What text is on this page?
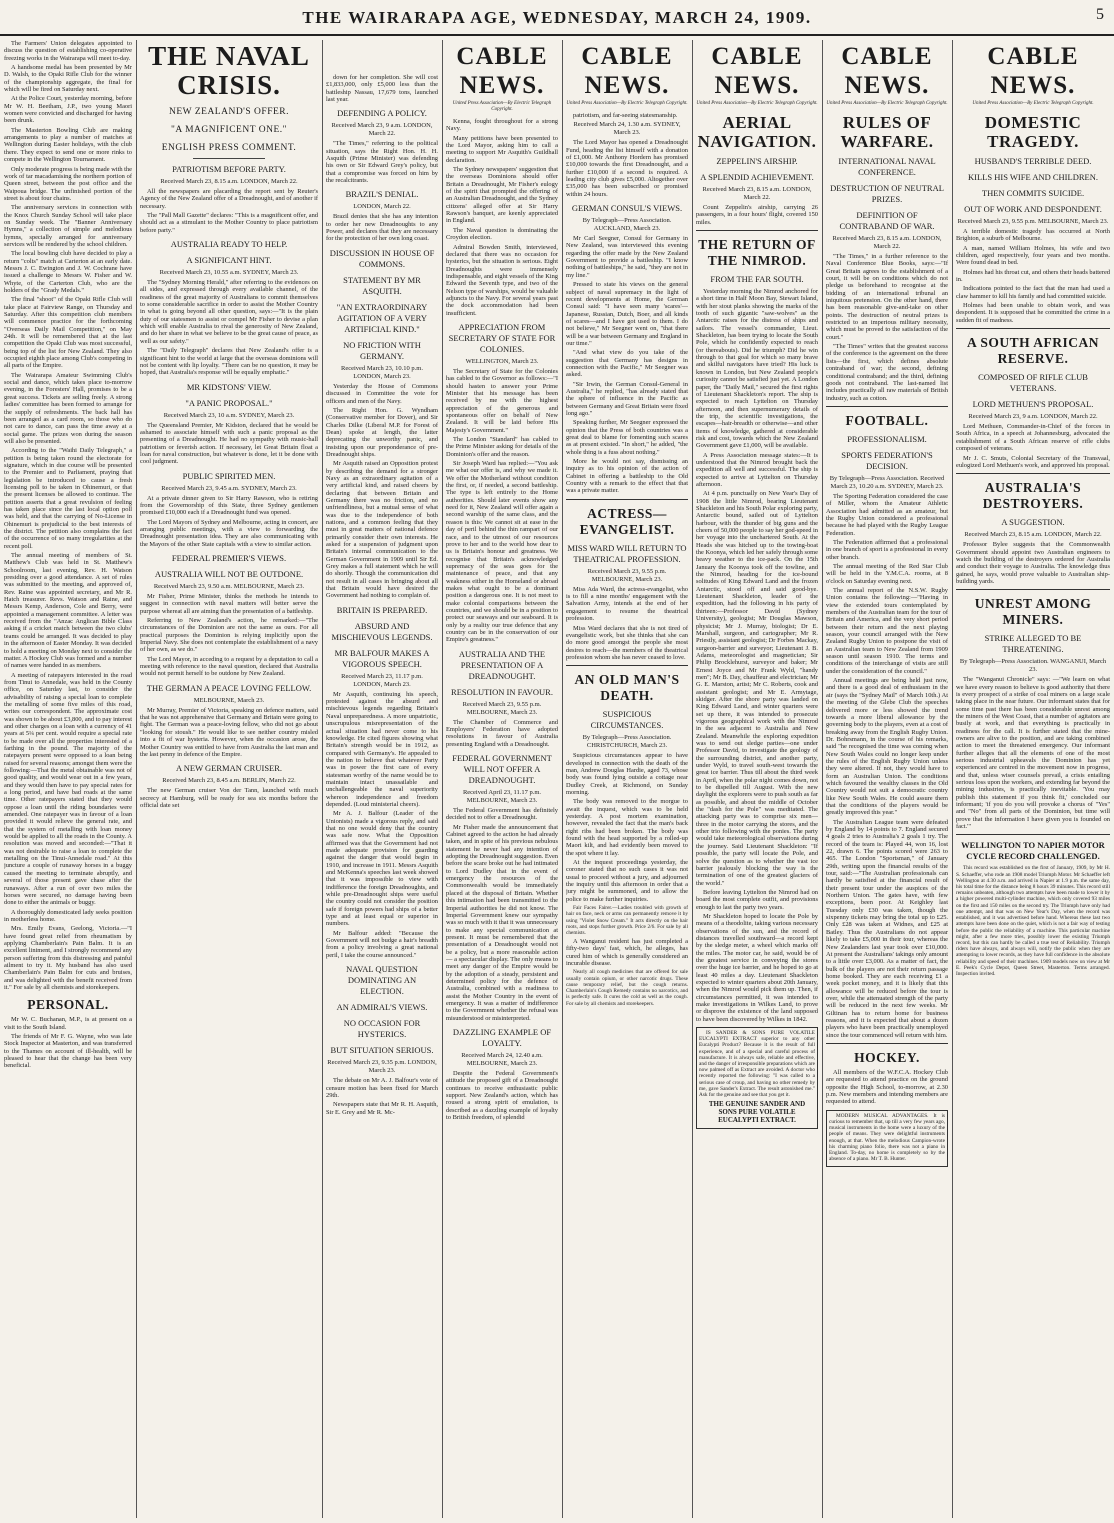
THE WAIRARAPA AGE, WEDNESDAY, MARCH 24, 1909.	5

The Farmers' Union delegates appointed to discuss the question of establishing co-operative freezing works in the Wairarapa will meet to-day.

A handsome medal has been presented by Mr D. Walsh, to the Opaki Rifle Club for the winner of the championship aggregate, the final for which will be fired on Saturday next.

At the Police Court, yesterday morning, before Mr W. H. Beetham, J.P., two young Maori women were convicted and discharged for having been drunk.

The Masterton Bowling Club are making arrangements to play a number of matches at Wellington during Easter holidays, with the club there. They expect to send one or more rinks to compete in the Wellington Tournament.

Only moderate progress is being made with the work of tar macadamising the northern portion of Queen street, between the post office and the Waipoua bridge. The unfinished portion of the street is about four chains.

The anniversary services in connection with the Knox Church Sunday School will take place on Sunday week. The "Banner Anniversary Hymns," a collection of simple and melodious hymns, specially arranged for anniversary services will be rendered by the school children.

The local bowling club have decided to play a return "colts" match at Carterton at an early date. Messrs J. C. Ewington and J. W. Cochrane have issued a challenge to Messrs W. Fisher and W. Whyte, of the Carterton Club, who are the holders of the "Grady Medals."

The final "shoot" of the Opaki Rifle Club will take place at Fairview Range, on Thursday and Saturday. After this competition club members will commence practice for the forthcoming "Overseas Daily Mail Competition," on May 24th. It will be remembered that at the last competition the Opaki Club was most successful, being top of the list for New Zealand. They also occupied eighth place among Club's competing in all parts of the Empire.

The Wairarapa Amateur Swimming Club's social and dance, which takes place to-morrow evening, in the Foresters' Hall, promises to be a great success. Tickets are selling freely. A strong ladies' committee has been formed to arrange for the supply of refreshments. The back hall has been arranged as a card room, so those who do not care to dance, can pass the time away at a social game. The prizes won during the season will also be presented.

According to the "Waihi Daily Telegraph," a petition is being taken round the electorate for signature, which in due course will be presented to the Premier and to Parliament, praying that legislation be introduced to cause a fresh licensing poll to be taken in Ohinemuri, or that the present licenses be allowed to continue. The petition asserts that a great revulsion of feeling has taken place since the last local option poll was held, and that the carrying of No-License in Ohinemuri is prejudicial to the best interests of the district. The petition also complains the fact of the occurrence of so many irregularities at the recent poll.

The annual meeting of members of St. Matthew's Club was held in St. Matthew's Schoolroom, last evening, Rev. H. Watson presiding over a good attendance. A set of rules was submitted to the meeting, and approved of, Rev. Raine was appointed secretary, and Mr R. Hatch treasurer. Revs. Watson and Raine, and Messrs Kemp, Anderson, Cole and Berry, were appointed a management committee. A letter was received from the "Anzac Anglican Bible Class asking if a cricket match between the two clubs' teams could be arranged. It was decided to play in the afternoon of Easter Monday. It was decided to hold a meeting on Monday next to consider the matter. A Hockey Club was formed and a number of names were handed in as members.

A meeting of ratepayers interested in the road from Tinui to Annedale, was held in the County office, on Saturday last, to consider the advisability of raising a special loan to complete the metalling of some five miles of this road, writes our correspondent. The approximate cost was shown to be about £3,800, and to pay interest and other charges on a loan with a currency of 41 years at 5¼ per cent. would require a special rate to be made over all the properties interested of a farthing in the pound. The majority of the ratepayers present were opposed to a loan being raised for several reasons; amongst them were the following:—That the metal obtainable was not of good quality, and would wear out in a few years, and they would then have to pay special rates for a long period, and have bad roads at the same time. Other ratepayers stated that they would oppose a loan until the riding boundaries were amended. One ratepayer was in favour of a loan provided it would relieve the general rate, and that the system of metalling with loan money would be applied to all the roads in the County. A resolution was moved and seconded:—"That it was not desirable to raise a loan to complete the metalling on the Tinui-Annedale road." At this juncture a couple of runaway horses in a buggy caused the meeting to terminate abruptly, and several of those present gave chase after the runaways. After a run of over two miles the horses were secured, no damage having been done to either the animals or buggy.

A thoroughly domesticated lady seeks position in motherless home.

Mrs. Emily Evans, Geelong, Victoria.—"I have found great relief from rheumatism by applying Chamberlain's Pain Balm. It is an excellent liniment, and I strongly recommend any person suffering from this distressing and painful ailment to try it. My husband has also used Chamberlain's Pain Balm for cuts and bruises, and was delighted with the benefit received from it." For sale by all chemists and storekeepers.

PERSONAL.

Mr W. C. Buchanan, M.P., is at present on a visit to the South Island.

The friends of Mr F. G. Wayne, who was late Stock Inspector at Masterton, and was transferred to the Thames on account of ill-health, will be pleased to hear that the change has been very beneficial.

THE NAVAL CRISIS.
NEW ZEALAND'S OFFER.
"A MAGNIFICENT ONE."
ENGLISH PRESS COMMENT.
PATRIOTISM BEFORE PARTY.
Received March 23, 8.15 a.m. LONDON, March 22.

All the newspapers are placarding the report sent by Reuter's Agency of the New Zealand offer of a Dreadnought, and of another if necessary.

The "Pall Mall Gazette" declares: "This is a magnificent offer, and should act as a stimulant to the Mother Country to place patriotism before party."

AUSTRALIA READY TO HELP.
A SIGNIFICANT HINT.
Received March 23, 10.55 a.m. SYDNEY, March 23.

The "Sydney Morning Herald," after referring to the evidences on all sides, and expressed through every available channel, of the readiness of the great majority of Australians to commit themselves to some considerable sacrifice in order to assist the Mother Country in what is going beyond all other question, says:—"It is the plain duty of our statesmen to assist or compel Mr Fisher to devise a plan which will enable Australia to rival the generosity of New Zealand, and do her share in what we believe to be the great cause of peace, as well as our safety."

The "Daily Telegraph" declares that New Zealand's offer is a significant hint to the world at large that the overseas dominions will not be content with lip loyalty. "There can be no question, it may be hoped, that Australia's response will be equally emphatic."

MR KIDSTONS' VIEW.
"A PANIC PROPOSAL."
Received March 23, 10 a.m. SYDNEY, March 23.

The Queensland Premier, Mr Kidston, declared that he would be ashamed to associate himself with such a panic proposal as the presenting of a Dreadnought. He had no sympathy with music-hall patriotism or feverish action. If necessary, let Great Britain float a loan for naval construction, but whatever is done, let it be done with cool judgment.

PUBLIC SPIRITED MEN.
Received March 23, 9.45 a.m. SYDNEY, March 23.

At a private dinner given to Sir Harry Rawson, who is retiring from the Governorship of this State, three Sydney gentlemen promised £10,000 each if a Dreadnought fund was opened.

The Lord Mayors of Sydney and Melbourne, acting in concert, are arranging public meetings, with a view to forwarding the Dreadnought presentation idea. They are also communicating with the Mayors of the other State capitals with a view to similar action.

FEDERAL PREMIER'S VIEWS.
AUSTRALIA WILL NOT BE OUTDONE.
Received March 23, 9.50 a.m. MELBOURNE, March 23.

Mr Fisher, Prime Minister, thinks the methods he intends to suggest in connection with naval matters will better serve the purpose whereat all are aiming than the presentation of a battleship.

Referring to New Zealand's action, he remarked:—"The circumstances of the Dominion are not the same as ours. For all practical purposes the Dominion is relying implicitly upon the Imperial Navy. She does not contemplate the establishment of a navy of her own, as we do."

The Lord Mayor, in acceding to a request by a deputation to call a meeting with reference to the naval question, declared that Australia would not permit herself to be outdone by New Zealand.

THE GERMAN A PEACE LOVING FELLOW.
MELBOURNE, March 23.

Mr Murray, Premier of Victoria, speaking on defence matters, said that he was not apprehensive that Germany and Britain were going to fight. The German was a peace-loving fellow, who did not go about "looking for stoush." He would like to see neither country misled into a fit of war hysteria. However, when the occasion arose, the Mother Country was entitled to have from Australia the last man and the last penny in defence of the Empire.

A NEW GERMAN CRUISER.
Received March 23, 8.45 a.m. BERLIN, March 22.

The new German cruiser Von der Tann, launched with much secrecy at Hamburg, will be ready for sea six months before the official date set

down for her completion. She will cost £1,833,000, only £5,000 less than the battleship Nassau, 17,679 tons, launched last year.

DEFENDING A POLICY.
Received March 23, 9 a.m. LONDON, March 22.

"The Times," referring to the political situation, says the Right Hon. H. H. Asquith (Prime Minister) was defending his own or Sir Edward Grey's policy, but that a compromise was forced on him by the recalcitrants.

BRAZIL'S DENIAL.
LONDON, March 22.

Brazil denies that she has any intention to order her new Dreadnoughts to any Power, and declares that they are necessary for the protection of her own long coast.

DISCUSSION IN HOUSE OF COMMONS.
STATEMENT BY MR ASQUITH.
"AN EXTRAORDINARY AGITATION OF A VERY ARTIFICIAL KIND."
NO FRICTION WITH GERMANY.
Received March 23, 10.10 p.m. LONDON, March 23.

Yesterday the House of Commons discussed in Committee the vote for officers and men of the Navy.

The Right Hon. G. Wyndham (Conservative member for Dover), and Sir Charles Dilke (Liberal M.P. for Forest of Dean) spoke at length, the latter deprecating the unworthy panic, and insisting upon our preponderance of pre-Dreadnought ships.

Mr Asquith raised an Opposition protest by describing the demand for a stronger Navy as an extraordinary agitation of a very artificial kind, and raised cheers by declaring that between Britain and Germany there was no friction, and no unfriendliness, but a mutual sense of what was due to the independence of both nations, and a common feeling that they must in great matters of national defence primarily consider their own interests. He asked for a suspension of judgment upon Britain's internal communication to the German Government in 1909 until Sir Ed. Grey makes a full statement which he will do shortly. Though the communication did not result in all cases in bringing about all that Britain would have desired the Government had nothing to complain of.

BRITAIN IS PREPARED.
ABSURD AND MISCHIEVOUS LEGENDS.
MR BALFOUR MAKES A VIGOROUS SPEECH.
Received March 23, 11.17 p.m. LONDON, March 23.

Mr Asquith, continuing his speech, protested against the absurd and mischievous legends regarding Britain's Naval unpreparedness. A more unpatriotic, unscrupulous misrepresentation of the actual situation had never come to his knowledge. He cited figures showing what Britain's strength would be in 1912, as compared with Germany's. He appealed to the nation to believe that whatever Party was in power the first care of every statesman worthy of the name would be to maintain intact unassailable and unchallengeable the naval superiority whereon independence and freedom depended. (Loud ministerial cheers).

Mr A. J. Balfour (Leader of the Unionists) made a vigorous reply, and said that no one would deny that the country was safe now. What the Opposition affirmed was that the Government had not made adequate provision for guarding against the danger that would begin in 1910, and increase in 1911. Messrs Asquith and McKenna's speeches last week showed that it was impossible to view with indifference the foreign Dreadnoughts, and while pre-Dreadnought ships were useful the country could not consider the position safe if foreign powers had ships of a better type and at least equal or superior in numbers.

Mr Balfour added: "Because the Government will not budge a hair's breadth from a policy involving a great national peril, I take the course announced."

NAVAL QUESTION DOMINATING AN ELECTION.
AN ADMIRAL'S VIEWS.
NO OCCASION FOR HYSTERICS.
BUT SITUATION SERIOUS.
Received March 23, 9.35 p.m. LONDON, March 23.

The debate on Mr A. J. Balfour's vote of censure motion has been fixed for March 29th.

Newspapers state that Mr R. H. Asquith, Sir E. Grey and Mr R. Mc-

CABLE NEWS.
United Press Association—By Electric Telegraph Copyright.

Kenna, fought throughout for a strong Navy.

Many petitions have been presented to the Lord Mayor, asking him to call a meeting to support Mr Asquith's Guildhall declaration.

The Sydney newspapers' suggestion that the overseas Dominions should offer Britain a Dreadnought, Mr Fisher's eulogy of the spirit that prompted the offering of an Australian Dreadnought, and the Sydney citizens' alleged offer at Sir Harry Rawson's banquet, are keenly appreciated in England.

The Naval question is dominating the Croydon election.

Admiral Bowden Smith, interviewed, declared that there was no occasion for hysterics, but the situation is serious. Eight Dreadnoughts were immensely indispensable, and eight vessels of the King Edward the Seventh type, and two of the Nelson type of warships, would be valuable adjuncts to the Navy. For several years past the dock accommodation had been insufficient.

APPRECIATION FROM SECRETARY OF STATE FOR COLONIES.
WELLINGTON, March 23.

The Secretary of State for the Colonies has cabled to the Governor as follows:—"I should hasten to answer your Prime Minister that his message has been received by me with the highest appreciation of the generous and spontaneous offer on behalf of New Zealand. It will be laid before His Majesty's Government."

The London "Standard" has cabled to the Prime Minister asking for details of the Dominion's offer and the reason.

Sir Joseph Ward has replied:—"You ask me what our offer is, and why we made it. We offer the Motherland without condition the first, or, if needed, a second battleship. The type is left entirely to the Home authorities. Should later events show any need for it, New Zealand will offer again a second warship of the same class, and the reason is this: We cannot sit at ease in the day of peril behind the thin rampart of our race, and to the utmost of our resources prove to her and to the world how dear to us is Britain's honour and greatness. We recognise that Britain's acknowledged supremacy of the seas goes for the maintenance of peace, and that any weakness either in the Homeland or abroad makes what ought to be a dominant position a dangerous one. It is not meet to make colonial comparisons between the countries, and we should be in a position to protect our seaways and our seaboard. It is only by a reality our true defence that any country can be in the conservation of our Empire's greatness."

AUSTRALIA AND THE PRESENTATION OF A DREADNOUGHT.
RESOLUTION IN FAVOUR.
Received March 23, 9.55 p.m. MELBOURNE, March 23.

The Chamber of Commerce and Employers' Federation have adopted resolutions in favour of Australia presenting England with a Dreadnought.

FEDERAL GOVERNMENT WILL NOT OFFER A DREADNOUGHT.
Received April 23, 11.17 p.m. MELBOURNE, March 23.

The Federal Government has definitely decided not to offer a Dreadnought.

Mr Fisher made the announcement that Cabinet agreed to the action he had already taken, and in spite of his previous nebulous statement he never had any intention of adopting the Dreadnought suggestion. Even before the scare broke out he had intimated to Lord Dudley that in the event of emergency the resources of the Commonwealth would be immediately placed at the disposal of Britain. Whether this intimation had been transmitted to the Imperial authorities he did not know. The Imperial Government knew our sympathy was so much with it that it was unnecessary to make any special communication at present. It must be remembered that the presentation of a Dreadnought would not be a policy, but a more reasonable action — a spectacular display. The only means to meet any danger of the Empire would be by the adoption of a steady, persistent and determined policy for the defence of Australia, combined with a readiness to assist the Mother Country in the event of emergency. It was a matter of indifference to the Government whether the refusal was misunderstood or misinterpreted.

DAZZLING EXAMPLE OF LOYALTY.
Received March 24, 12.40 a.m. MELBOURNE, March 23.

Despite the Federal Government's attitude the proposed gift of a Dreadnought continues to receive enthusiastic public support. New Zealand's action, which has roused a strong spirit of emulation, is described as a dazzling example of loyalty to British freedom, of splendid

CABLE NEWS.
United Press Association—By Electric Telegraph Copyright.

patriotism, and far-seeing statesmanship.

Received March 24, 1.30 a.m. SYDNEY, March 23.

The Lord Mayor has opened a Dreadnought Fund, heading the list himself with a donation of £1,000. Mr Anthony Hordern has promised £10,000 towards the first Dreadnought, and a further £10,000 if a second is required. A leading city club gives £5,000. Altogether over £35,000 has been subscribed or promised within 24 hours.

GERMAN CONSUL'S VIEWS.
By Telegraph—Press Association. AUCKLAND, March 23.

Mr Carl Seegner, Consul for Germany in New Zealand, was interviewed this evening regarding the offer made by the New Zealand Government to provide a battleship. "I know nothing of battleships," he said, "they are not in my line."

Pressed to state his views on the general subject of naval supremacy in the light of recent developments at Home, the German Consul said: "I have seen many 'scares'—Japanese, Russian, Dutch, Boer, and all kinds of scares—and I have got used to them. I do not believe," Mr Seegner went on, "that there will be a war between Germany and England in our time."

"And what view do you take of the suggestion that Germany has designs in connection with the Pacific," Mr Seegner was asked.

"Sir Irwin, the German Consul-General in Australia," he replied, "has already stated that the sphere of influence in the Pacific as between Germany and Great Britain were fixed long ago."

Speaking further, Mr Seegner expressed the opinion that the Press of both countries was a great deal to blame for fomenting such scares as at present existed. "In short," he added, "the whole thing is a fuss about nothing."

More he would not say, dismissing an inquiry as to his opinion of the action of Cabinet in offering a battleship to the Old Country with a remark to the effect that that was a private matter.

ACTRESS—EVANGELIST.
MISS WARD WILL RETURN TO THEATRICAL PROFESSION.
Received March 23, 9.55 p.m. MELBOURNE, March 23.

Miss Ada Ward, the actress-evangelist, who is to fill a nine months' engagement with the Salvation Army, intends at the end of her engagement to resume the theatrical profession.

Miss Ward declares that she is not tired of evangelistic work, but she thinks that she can do more good amongst the people she most desires to reach—the members of the theatrical profession whom she has never ceased to love.

AN OLD MAN'S DEATH.
SUSPICIOUS CIRCUMSTANCES.
By Telegraph—Press Association. CHRISTCHURCH, March 23.

Suspicious circumstances appear to have developed in connection with the death of the man, Andrew Douglas Hardie, aged 73, whose body was found lying outside a cottage near Dudley Creek, at Richmond, on Sunday morning.

The body was removed to the morgue to await the inquest, which was to be held yesterday. A post mortem examination, however, revealed the fact that the man's back right ribs had been broken. The body was found with the head supported by a rolled-up Maori kilt, and had evidently been moved to the spot where it lay.

At the inquest proceedings yesterday, the coroner stated that no such cases it was not usual to proceed without a jury, and adjourned the inquiry until this afternoon in order that a jury might be summoned, and to allow the police to make further inquiries.

Fair Faces Fairer.—Ladies troubled with growth of hair on face, neck or arms can permanently remove it by using "Violet Snow Cream." It acts directly on the hair roots, and stops further growth. Price 2/6. For sale by all chemists.

A Wanganui resident has just completed a fifty-two days' fast, which, he alleges, has cured him of which is generally considered an incurable disease.

Nearly all cough medicines that are offered for sale usually contain opium, or other narcotic drugs. These cause temporary relief, but the cough returns. Chamberlain's Cough Remedy contains no narcotics, and is perfectly safe. It cures the cold as well as the cough. For sale by all chemists and storekeepers.

CABLE NEWS.
United Press Association—By Electric Telegraph Copyright.
AERIAL NAVIGATION.
ZEPPELIN'S AIRSHIP.
A SPLENDID ACHIEVEMENT.
Received March 23, 8.15 a.m. LONDON, March 22.

Count Zeppelin's airship, carrying 26 passengers, in a four hours' flight, covered 150 miles.

THE RETURN OF THE NIMROD.
FROM THE FAR SOUTH.

Yesterday morning the Nimrod anchored for a short time in Half Moon Bay, Stewart Island, with her stout planks showing the marks of the tooth of such gigantic "saw-wolves" as the Antarctic raises for the distress of ships and sailors. The vessel's commander, Lieut. Shackleton, has been trying to locate the South Pole, which he confidently expected to reach (or thereabouts). Did he triumph? Did he win through to that goal for which so many brave and skilful navigators have tried? His luck is known in London, but New Zealand people's curiosity cannot be satisfied just yet. A London paper, the "Daily Mail," secured the first rights of Lieutenant Shackleton's report. The ship is expected to reach Lyttelton on Thursday afternoon, and then supernumerary details of the trip, the scientific investigations, the escapes—hair-breadth or otherwise—and other items of knowledge, gathered at considerable risk and cost, towards which the New Zealand Government gave £1,000, will be available.

A Press Association message states:—It is understood that the Nimrod brought back the expedition all well and successful. The ship is expected to arrive at Lyttelton on Thursday afternoon.

At 4 p.m. punctually on New Year's Day of 1908 the little Nimrod, bearing Lieutenant Shackleton and his South Polar exploring party, Antarctic bound, sailed out of Lyttelton harbour, with the thunder of big guns and the cheers of 50,000 people to say her god-speed in her voyage into the unchartered South. At the Heads she was hitched up to the towing-boat the Koonya, which led her safely through some heavy weather to the ice-pack. On the 15th January the Koonya took off the towline, and the Nimrod, heading for the ice-bound solitudes of King Edward Land and the frozen Antarctic, stood off and said good-bye. Lieutenant Shackleton, leader of the expedition, had the following in his party of thirteen:—Professor David (Sydney University), geologist; Mr Douglas Mawson, physicist; Mr J. Murray, biologist; Dr E. Marshall, surgeon, and cartographer; Mr R. Priestly, assistant geologist; Dr Forbes Mackay, surgeon-barrier and surveyor; Lieutenant J. B. Adams, meteorologist and magnetician; Sir Philip Brocklehurst, surveyor and baker; Mr Ernest Joyce and Mr Frank Wyld, "handy men"; Mr B. Day, chauffeur and electrician; Mr G. E. Marston, artist; Mr C. Roberts, cook and assistant geologist; and Mr E. Armytage, skidger. After the shore party was landed on King Edward Land, and winter quarters were set up there, it was intended to prosecute vigorous geographical work with the Nimrod in the sea adjacent to Australia and New Zealand. Meanwhile the exploring expedition was to send out sledge parties—one under Professor David, to investigate the geology of the surrounding district, and another party, under Wyld, to travel south-west towards the great ice barrier. Thus till about the third week in April, when the polar night comes down, not to be dispelled till August. With the new daylight the explorers were to push south as far as possible, and about the middle of October the "dash for the Pole" was meditated. The attacking party was to comprise six men—three in the motor carrying the stores, and the other trio following with the ponies. The party would take meteorological observations during the journey. Said Lieutenant Shackleton: "If possible, the party will locate the Pole, and solve the question as to whether the vast ice barrier jealously blocking the way is the termination of one of the greatest glaciers of the world."

Before leaving Lyttelton the Nimrod had on board the most complete outfit, and provisions enough to last the party two years.

Mr Shackleton hoped to locate the Pole by means of a theodolite, taking various necessary observations of the sun, and the record of distances travelled southward—a record kept by the sledge meter, a wheel which marks off the miles. The motor car, he said, would be of the greatest service in conveying the stores over the huge ice barrier, and he hoped to go at least 40 miles a day. Lieutenant Shackleton expected to winter quarters about 20th January, when the Nimrod would pick them up. Then, if circumstances permitted, it was intended to make investigations in Wilkes Land, to prove or disprove the existence of the land supposed to have been discovered by Wilkes in 1842.

IS SANDER & SONS PURE VOLATILE EUCALYPTI EXTRACT superior to any other Eucalypti Product? Because it is the result of full experience, and of a special and careful process of manufacture. It is always safe, reliable and effective, and the danger of irresponsible preparations which are now palmed off as Extract are avoided. A doctor who recently reported the following: "I was called to a serious case of croup, and having no other remedy by me, gave Sander's Extract. The result astonished me." Ask for the genuine and see that you get it.

THE GENUINE SANDER AND SONS PURE VOLATILE EUCALYPTI EXTRACT.
CABLE NEWS.
United Press Association—By Electric Telegraph Copyright.
RULES OF WARFARE.
INTERNATIONAL NAVAL CONFERENCE.
DESTRUCTION OF NEUTRAL PRIZES.
DEFINITION OF CONTRABAND OF WAR.
Received March 23, 8.15 a.m. LONDON, March 22.

"The Times," in a further reference to the Naval Conference Blue Books, says:—"If Great Britain agrees to the establishment of a court, it will be on conditions which do not pledge us beforehand to recognise at the bidding of an international tribunal an iniquitous pretension. On the other hand, there has been reasonable give-and-take on other points. The destruction of neutral prizes is restricted to an imperious military necessity, which must be proved to the satisfaction of the court."

"The Times" writes that the greatest success of the conference is the agreement on the three lists—the first, which defines absolute contraband of war; the second, defining conditional contraband; and the third, defining goods not contraband. The last-named list includes practically all raw materials of British industry, such as cotton.

FOOTBALL.
PROFESSIONALISM.
SPORTS FEDERATION'S DECISION.
By Telegraph—Press Association. Received March 23, 10.20 a.m. SYDNEY, March 23.

The Sporting Federation considered the case of Miller, whom the Amateur Athletic Association had admitted as an amateur, but the Rugby Union considered a professional because he had played with the Rugby League Federation.

The Federation affirmed that a professional in one branch of sport is a professional in every other branch.

The annual meeting of the Red Star Club will be held in the Y.M.C.A. rooms, at 8 o'clock on Saturday evening next.

The annual report of the N.S.W. Rugby Union contains the following:—"Having in view the extended tours contemplated by members of the Australian team for the tour of Britain and America, and the very short period between their return and the next playing season, your council arranged with the New Zealand Rugby Union to postpone the visit of an Australian team to New Zealand from 1909 season until season 1910. The terms and conditions of the interchange of visits are still under the consideration of the council."

Annual meetings are being held just now, and there is a good deal of enthusiasm in the air (says the "Sydney Mail" of March 10th.) At the meeting of the Glebe Club the speeches delivered more or less showed the trend towards a more liberal allowance by the governing body to the players, even at a cost of breaking away from the English Rugby Union. Dr. Bohrsmann, in the course of his remarks, said "he recognised the time was coming when New South Wales could no longer keep under the rules of the English Rugby Union unless they were altered. If not, they would have to form an Australian Union. The conditions which favoured the wealthy classes in the Old Country would not suit a democratic country like New South Wales. He could assure them that the conditions of the players would be greatly improved this year."

The Australian League team were defeated by England by 14 points to 7. England secured 4 goals 2 tries to Australia's 2 goals 1 try. The record of the team is: Played 44, won 16, lost 22, drawn 6. The points scored were 263 to 465. The London "Sportsman," of January 29th, writing upon the financial results of the tour, said:—"The Australian professionals can hardly be satisfied at the financial result of their present tour under the auspices of the Northern Union. The gates have, with few exceptions, been poor. At Keighley last Tuesday only £30 was taken, though the sixpenny tickets may bring the total up to £25. Only £28 was taken at Widnes, and £25 at Batley. Thus the Australians do not appear likely to take £5,000 in their tour, whereas the New Zealanders last year took over £10,000. At present the Australians' takings only amount to a little over £3,000. As a matter of fact, the bulk of the players are not their return passage home booked. They are each receiving £1 a week pocket money, and it is likely that this allowance will be reduced before the tour is over, while the attenuated strength of the party will be reduced in the next few weeks. Mr Giltinan has to return home for business reasons, and it is expected that about a dozen players who have been practically unemployed since the tour commenced will return with him.

HOCKEY.

All members of the W.F.C.A. Hockey Club are requested to attend practice on the ground opposite the High School, to-morrow, at 2.30 p.m. New members and intending members are requested to attend.

MODERN MUSICAL ADVANTAGES. It is curious to remember that, up till a very few years ago, musical instruments in the home were a luxury of the people of means. They were delightful instruments enough, at that. When the melodious Campion-wrote his charming piano folio, there was not a piano in England. To-day, no home is completely so by the absence of a piano. Mr T. B. Hunter.

CABLE NEWS.
United Press Association—By Electric Telegraph Copyright.
DOMESTIC TRAGEDY.
HUSBAND'S TERRIBLE DEED.
KILLS HIS WIFE AND CHILDREN.
THEN COMMITS SUICIDE.
OUT OF WORK AND DESPONDENT.
Received March 23, 9.55 p.m. MELBOURNE, March 23.

A terrible domestic tragedy has occurred at North Brighton, a suburb of Melbourne.

A man, named William Holmes, his wife and two children, aged respectively, four years and two months. Were found dead in bed.

Holmes had his throat cut, and others their heads battered in.

Indications pointed to the fact that the man had used a claw hammer to kill his family and had committed suicide.

Holmes had been unable to obtain work, and was despondent. It is supposed that he committed the crime in a sudden fit of madness.

A SOUTH AFRICAN RESERVE.
COMPOSED OF RIFLE CLUB VETERANS.
LORD METHUEN'S PROPOSAL.
Received March 23, 9 a.m. LONDON, March 22.

Lord Methuen, Commander-in-Chief of the forces in South Africa, in a speech at Johannesburg, advocated the establishment of a South African reserve of rifle clubs composed of veterans.

Mr J. C. Smuts, Colonial Secretary of the Transvaal, eulogized Lord Methuen's work, and approved his proposal.

AUSTRALIA'S DESTROYERS.
A SUGGESTION.
Received March 23, 8.15 a.m. LONDON, March 22.

Professor Bylee suggests that the Commonwealth Government should appoint two Australian engineers to watch the building of the destroyers ordered for Australia and conduct their voyage to Australia. The knowledge thus gained, he says, would prove valuable to Australian ship-building yards.

UNREST AMONG MINERS.
STRIKE ALLEGED TO BE THREATENING.
By Telegraph—Press Association. WANGANUI, March 23.

The "Wanganui Chronicle" says: —"We learn on what we have every reason to believe is good authority that there is every prospect of a strike of coal miners on a large scale taking place in the near future. Our informant states that for some time past there has been considerable unrest among the miners of the West Coast, that a number of agitators are busily at work, and that everything is practically in readiness for the call. It is further stated that the mine-owners are alive to the position, and are taking combined action to meet the threatened emergency. Our informant further alleges that all the elements of one of the most serious industrial upheavals the Dominion has yet experienced are centred in the movement now in progress, and that, unless wiser counsels prevail, a crisis entailing serious loss upon the workers, and extending far beyond the mining industries, is practically inevitable. 'You may publish this statement if you think fit,' concluded our informant; 'if you do you will provoke a chorus of "Yes" and "No" from all parts of the Dominion, but time will prove that the information I have given you is founded on fact.'"

WELLINGTON TO NAPIER MOTOR CYCLE RECORD CHALLENGED.

This record was established on the first of January, 1909, by Mr H. S. Schaeffer, who rode an 1908 model Triumph Motor. Mr Schaeffer left Wellington at 4.30 a.m. and arrived in Napier at 1.9 p.m. the same day, his total time for the distance being 8 hours 39 minutes. This record still remains unbeaten, although two attempts have been made to lower it by a higher powered multi-cylinder machine, which only covered 93 miles on the first and 150 miles on the second try. The Triumph have only had one attempt, and that was on New Year's Day, when the record was established, and it was advertised before hand. Whereas these last two attempts have been done on the quiet, which is not a fair way of testing before the public the reliability of a machine. This particular machine might, after a few more tries, possibly lower the existing Triumph record, but this can hardly be called a true test of Reliability. Triumph riders have always, and always will, notify the public when they are attempting to lower records, as they have full confidence in the absolute reliability and speed of their machines. 1909 models now on view at Mr E. Peek's Cycle Depot, Queen Street, Masterton. Terms arranged. Inspection invited.
